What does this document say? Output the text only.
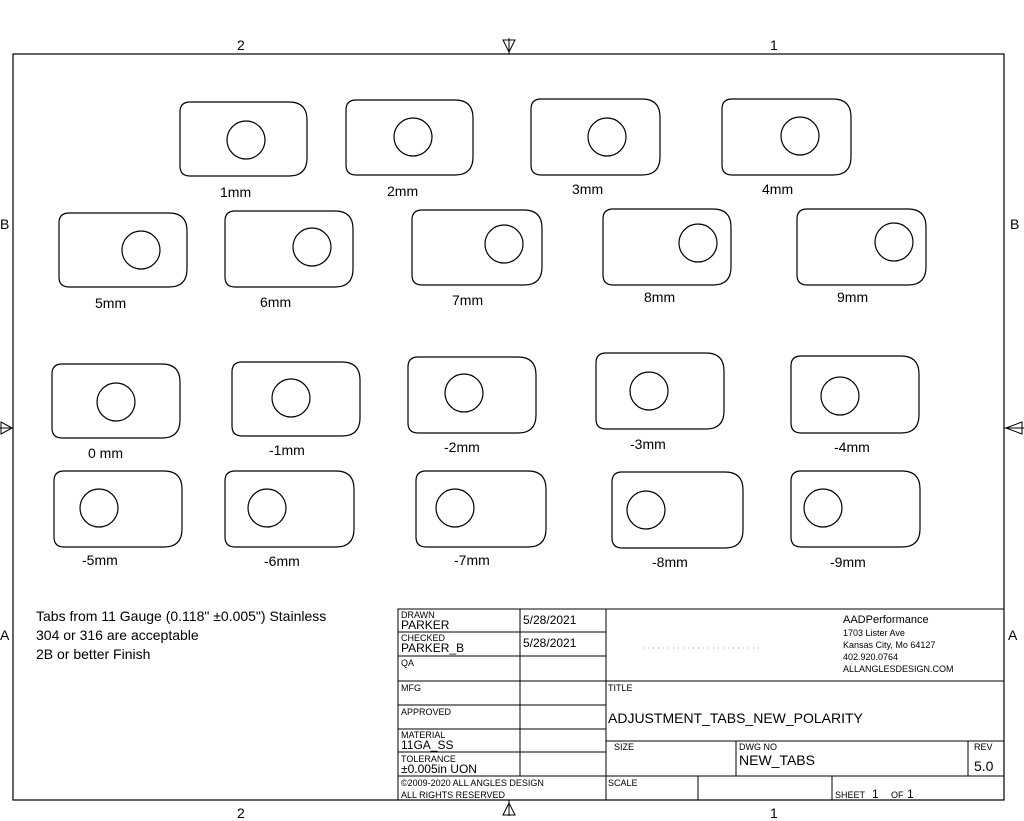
2	1
2	1
B	B
A	A
1mm	2mm	3mm	4mm
5mm	6mm	7mm	8mm	9mm
0 mm	-1mm	-2mm	-3mm	-4mm
-5mm	-6mm	-7mm	-8mm	-9mm
Tabs from 11 Gauge (0.118" ±0.005") Stainless
304 or 316 are acceptable
2B or better Finish
DRAWN
PARKER	5/28/2021
CHECKED
PARKER_B	5/28/2021
QA
MFG
APPROVED
MATERIAL
11GA_SS
TOLERANCE
±0.005in UON
©2009-2020 ALL ANGLES DESIGN
ALL RIGHTS RESERVED
AADPerformance
1703 Lister Ave
Kansas City, Mo 64127
402.920.0764
ALLANGLESDESIGN.COM
TITLE
ADJUSTMENT_TABS_NEW_POLARITY
SIZE	DWG NO
NEW_TABS
REV
5.0
SCALE
SHEET 1 OF 1
